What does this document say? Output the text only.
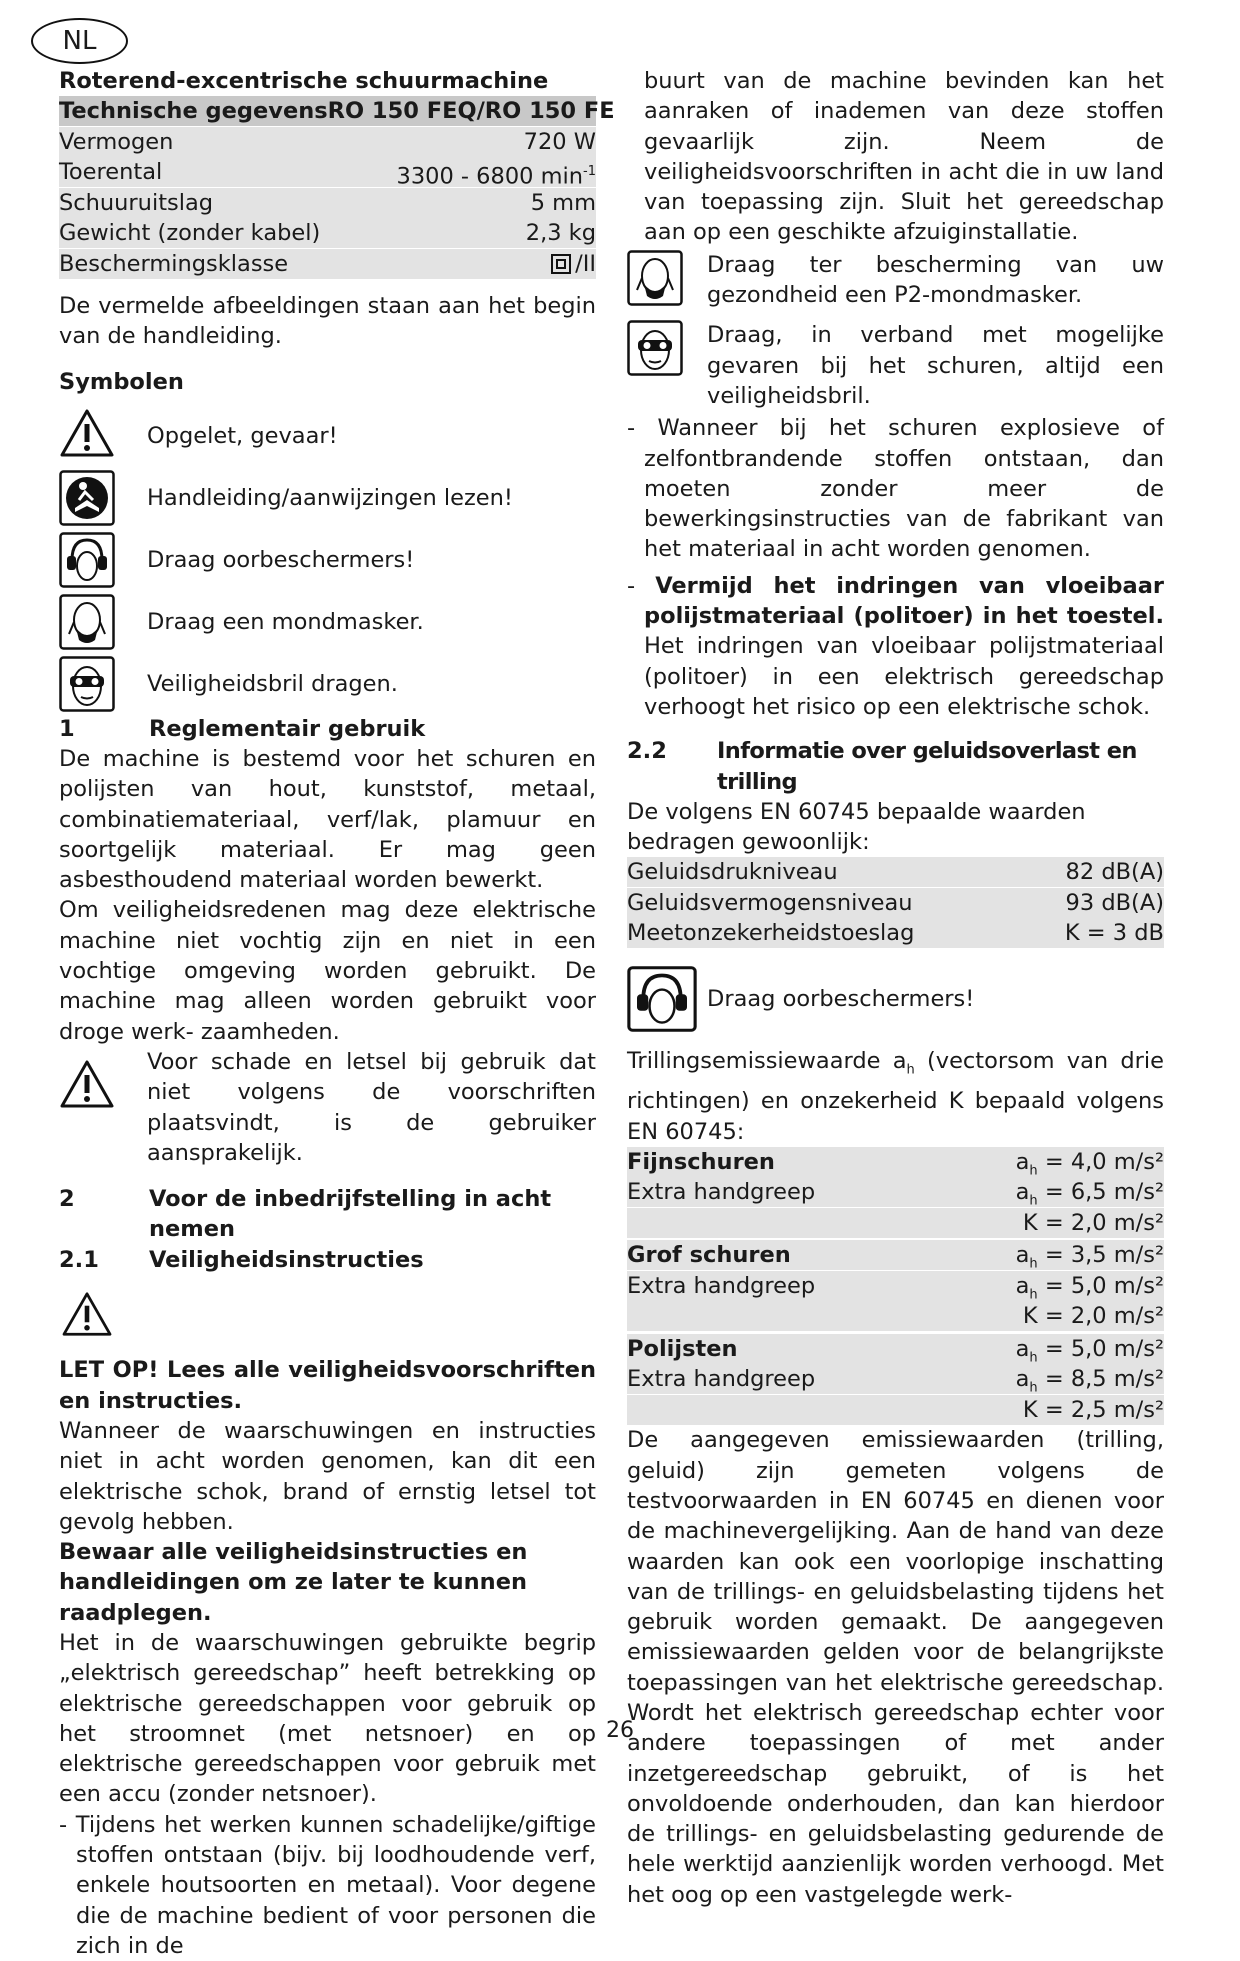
NL

Roterend-excentrische schuurmachine

Technische gegevens RO 150 FEQ/RO 150 FE
Vermogen	720 W
Toerental	3300 - 6800 $\min^{-1}$
Schuuruitslag	5 mm
Gewicht (zonder kabel)	2,3 kg
Beschermingsklasse	/II

De vermelde afbeeldingen staan aan het begin van de handleiding.

Symbolen

Opgelet, gevaar!
Handleiding/aanwijzingen lezen!
Draag oorbeschermers!
Draag een mondmasker.
Veiligheidsbril dragen.
1	Reglementair gebruik

De machine is bestemd voor het schuren en polijsten van hout, kunststof, metaal, combinatiemateriaal, verf/lak, plamuur en soortgelijk materiaal. Er mag geen asbesthoudend materiaal worden bewerkt.

Om veiligheidsredenen mag deze elektrische machine niet vochtig zijn en niet in een vochtige omgeving worden gebruikt. De machine mag alleen worden gebruikt voor droge werk- zaamheden.

Voor schade en letsel bij gebruik dat niet volgens de voorschriften plaatsvindt, is de gebruiker aansprakelijk.

2	Voor de inbedrijfstelling in acht nemen
2.1	Veiligheidsinstructies
LET OP! Lees alle veiligheidsvoorschriften en instructies. Wanneer de waarschuwingen en instructies niet in acht worden genomen, kan dit een elektrische schok, brand of ernstig letsel tot gevolg hebben.

Bewaar alle veiligheidsinstructies en handleidingen om ze later te kunnen raadplegen.

Het in de waarschuwingen gebruikte begrip „elektrisch gereedschap” heeft betrekking op elektrische gereedschappen voor gebruik op het stroomnet (met netsnoer) en op elektrische gereedschappen voor gebruik met een accu (zonder netsnoer).

- Tijdens het werken kunnen schadelijke/giftige stoffen ontstaan (bijv. bij loodhoudende verf, enkele houtsoorten en metaal). Voor degene die de machine bedient of voor personen die zich in de

buurt van de machine bevinden kan het aanraken of inademen van deze stoffen gevaarlijk zijn. Neem de veiligheidsvoorschriften in acht die in uw land van toepassing zijn. Sluit het gereedschap aan op een geschikte afzuiginstallatie.

Draag ter bescherming van uw gezondheid een P2-mondmasker.

Draag, in verband met mogelijke gevaren bij het schuren, altijd een veiligheidsbril.

- Wanneer bij het schuren explosieve of zelfontbrandende stoffen ontstaan, dan moeten zonder meer de bewerkingsinstructies van de fabrikant van het materiaal in acht worden genomen.

- Vermijd het indringen van vloeibaar polijstmateriaal (politoer) in het toestel. Het indringen van vloeibaar polijstmateriaal (politoer) in een elektrisch gereedschap verhoogt het risico op een elektrische schok.

2.2	Informatie over geluidsoverlast en trilling

De volgens EN 60745 bepaalde waarden bedragen gewoonlijk:

Geluidsdrukniveau	82 dB(A)
Geluidsvermogensniveau	93 dB(A)
Meetonzekerheidstoeslag	K = 3 dB
Draag oorbeschermers!

Trillingsemissiewaarde $a_h$ (vectorsom van drie richtingen) en onzekerheid K bepaald volgens EN 60745:

Fijnschuren	$a_h = 4,0$ m/s²
Extra handgreep	$a_h = 6,5$ m/s²
K = 2,0 m/s²
Grof schuren	$a_h = 3,5$ m/s²
Extra handgreep	$a_h = 5,0$ m/s²
K = 2,0 m/s²
Polijsten	$a_h = 5,0$ m/s²
Extra handgreep	$a_h = 8,5$ m/s²
K = 2,5 m/s²

De aangegeven emissiewaarden (trilling, geluid) zijn gemeten volgens de testvoorwaarden in EN 60745 en dienen voor de machinevergelijking. Aan de hand van deze waarden kan ook een voorlopige inschatting van de trillings- en geluidsbelasting tijdens het gebruik worden gemaakt. De aangegeven emissiewaarden gelden voor de belangrijkste toepassingen van het elektrische gereedschap. Wordt het elektrisch gereedschap echter voor andere toepassingen of met ander inzetgereedschap gebruikt, of is het onvoldoende onderhouden, dan kan hierdoor de trillings- en geluidsbelasting gedurende de hele werktijd aanzienlijk worden verhoogd. Met het oog op een vastgelegde werk-

26
